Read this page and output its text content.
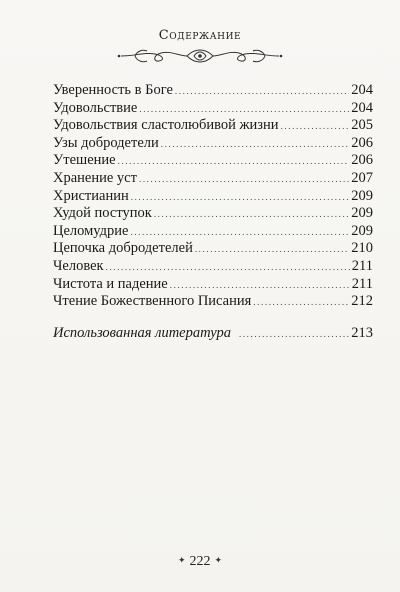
Содержание
ᵧ
Уверенность в Боге .....	204
Удовольствие .....	204
Удовольствия сластолюбивой жизни .....	205
Узы добродетели .....	206
Утешение .....	206
Хранение уст .....	207
Христианин .....	209
Худой поступок .....	209
Целомудрие .....	209
Цепочка добродетелей .....	210
Человек .....	211
Чистота и падение .....	211
Чтение Божественного Писания .....	212
Использованная литература .....	213
✦ 222 ✦
